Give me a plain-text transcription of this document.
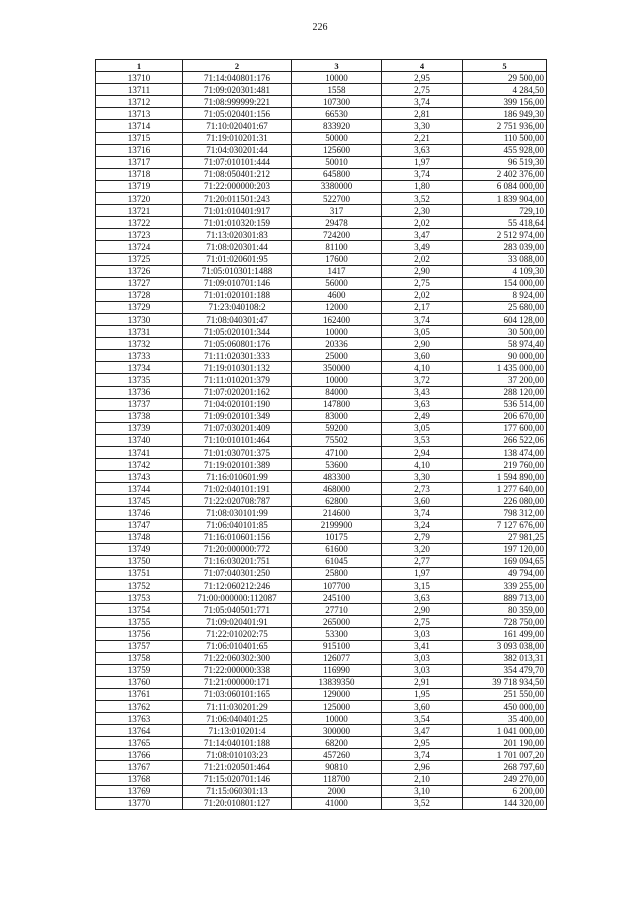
226
1	2	3	4	5
13710	71:14:040801:176	10000	2,95	29 500,00
13711	71:09:020301:481	1558	2,75	4 284,50
13712	71:08:999999:221	107300	3,74	399 156,00
13713	71:05:020401:156	66530	2,81	186 949,30
13714	71:10:020401:67	833920	3,30	2 751 936,00
13715	71:19:010201:31	50000	2,21	110 500,00
13716	71:04:030201:44	125600	3,63	455 928,00
13717	71:07:010101:444	50010	1,97	96 519,30
13718	71:08:050401:212	645800	3,74	2 402 376,00
13719	71:22:000000:203	3380000	1,80	6 084 000,00
13720	71:20:011501:243	522700	3,52	1 839 904,00
13721	71:01:010401:917	317	2,30	729,10
13722	71:01:010320:159	29478	2,02	55 418,64
13723	71:13:020301:83	724200	3,47	2 512 974,00
13724	71:08:020301:44	81100	3,49	283 039,00
13725	71:01:020601:95	17600	2,02	33 088,00
13726	71:05:010301:1488	1417	2,90	4 109,30
13727	71:09:010701:146	56000	2,75	154 000,00
13728	71:01:020101:188	4600	2,02	8 924,00
13729	71:23:040108:2	12000	2,17	25 680,00
13730	71:08:040301:47	162400	3,74	604 128,00
13731	71:05:020101:344	10000	3,05	30 500,00
13732	71:05:060801:176	20336	2,90	58 974,40
13733	71:11:020301:333	25000	3,60	90 000,00
13734	71:19:010301:132	350000	4,10	1 435 000,00
13735	71:11:010201:379	10000	3,72	37 200,00
13736	71:07:020201:162	84000	3,43	288 120,00
13737	71:04:020101:190	147800	3,63	536 514,00
13738	71:09:020101:349	83000	2,49	206 670,00
13739	71:07:030201:409	59200	3,05	177 600,00
13740	71:10:010101:464	75502	3,53	266 522,06
13741	71:01:030701:375	47100	2,94	138 474,00
13742	71:19:020101:389	53600	4,10	219 760,00
13743	71:16:010601:99	483300	3,30	1 594 890,00
13744	71:02:040101:191	468000	2,73	1 277 640,00
13745	71:22:020708:787	62800	3,60	226 080,00
13746	71:08:030101:99	214600	3,74	798 312,00
13747	71:06:040101:85	2199900	3,24	7 127 676,00
13748	71:16:010601:156	10175	2,79	27 981,25
13749	71:20:000000:772	61600	3,20	197 120,00
13750	71:16:030201:751	61045	2,77	169 094,65
13751	71:07:040301:250	25800	1,97	49 794,00
13752	71:12:060212:246	107700	3,15	339 255,00
13753	71:00:000000:112087	245100	3,63	889 713,00
13754	71:05:040501:771	27710	2,90	80 359,00
13755	71:09:020401:91	265000	2,75	728 750,00
13756	71:22:010202:75	53300	3,03	161 499,00
13757	71:06:010401:65	915100	3,41	3 093 038,00
13758	71:22:060302:300	126077	3,03	382 013,31
13759	71:22:000000:338	116990	3,03	354 479,70
13760	71:21:000000:171	13839350	2,91	39 718 934,50
13761	71:03:060101:165	129000	1,95	251 550,00
13762	71:11:030201:29	125000	3,60	450 000,00
13763	71:06:040401:25	10000	3,54	35 400,00
13764	71:13:010201:4	300000	3,47	1 041 000,00
13765	71:14:040101:188	68200	2,95	201 190,00
13766	71:08:010103:23	457260	3,74	1 701 007,20
13767	71:21:020501:464	90810	2,96	268 797,60
13768	71:15:020701:146	118700	2,10	249 270,00
13769	71:15:060301:13	2000	3,10	6 200,00
13770	71:20:010801:127	41000	3,52	144 320,00
